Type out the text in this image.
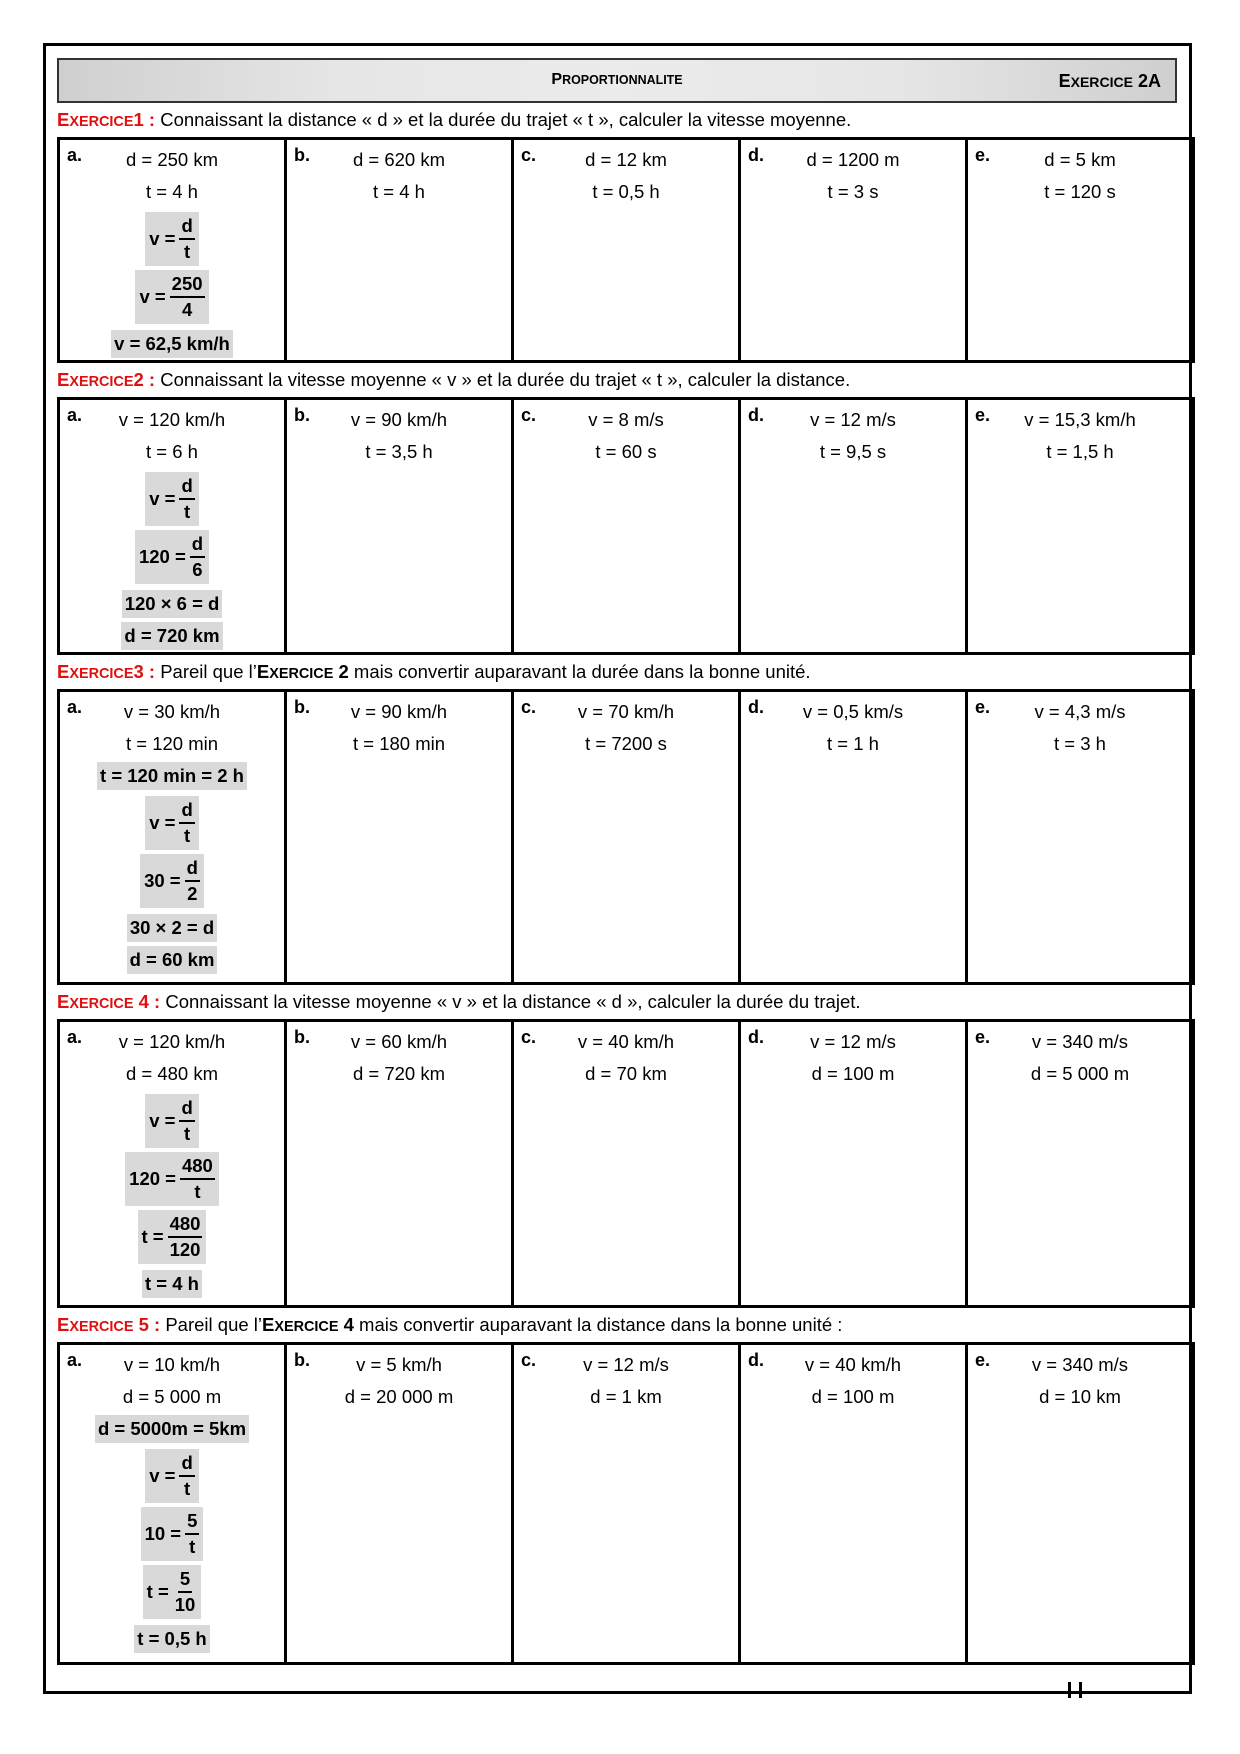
PROPORTIONNALITE	EXERCICE 2A
EXERCICE1 : Connaissant la distance « d » et la durée du trajet « t », calculer la vitesse moyenne.
a.	d = 250 km
t = 4 h
$v = \frac{d}{t}$
$v = \frac{250}{4}$
v = 62,5 km/h

b.	d = 620 km
t = 4 h

c.	d = 12 km
t = 0,5 h

d.	d = 1200 m
t = 3 s

e.	d = 5 km
t = 120 s
EXERCICE2 : Connaissant la vitesse moyenne « v » et la durée du trajet « t », calculer la distance.
a.	v = 120 km/h
t = 6 h
$v = \frac{d}{t}$
$120 = \frac{d}{6}$
120 × 6 = d
d = 720 km

b.	v = 90 km/h
t = 3,5 h

c.	v = 8 m/s
t = 60 s

d.	v = 12 m/s
t = 9,5 s

e.	v = 15,3 km/h
t = 1,5 h
EXERCICE3 : Pareil que l’EXERCICE 2 mais convertir auparavant la durée dans la bonne unité.
a.	v = 30 km/h
t = 120 min
t = 120 min = 2 h
$v = \frac{d}{t}$
$30 = \frac{d}{2}$
30 × 2 = d
d = 60 km

b.	v = 90 km/h
t = 180 min

c.	v = 70 km/h
t = 7200 s

d.	v = 0,5 km/s
t = 1 h

e.	v = 4,3 m/s
t = 3 h
EXERCICE 4 : Connaissant la vitesse moyenne « v » et la distance « d », calculer la durée du trajet.
a.	v = 120 km/h
d = 480 km
$v = \frac{d}{t}$
$120 = \frac{480}{t}$
$t = \frac{480}{120}$
t = 4 h

b.	v = 60 km/h
d = 720 km

c.	v = 40 km/h
d = 70 km

d.	v = 12 m/s
d = 100 m

e.	v = 340 m/s
d = 5 000 m
EXERCICE 5 : Pareil que l’EXERCICE 4 mais convertir auparavant la distance dans la bonne unité :
a.	v = 10 km/h
d = 5 000 m
d = 5000m = 5km
$v = \frac{d}{t}$
$10 = \frac{5}{t}$
$t = \frac{5}{10}$
t = 0,5 h

b.	v = 5 km/h
d = 20 000 m

c.	v = 12 m/s
d = 1 km

d.	v = 40 km/h
d = 100 m

e.	v = 340 m/s
d = 10 km
